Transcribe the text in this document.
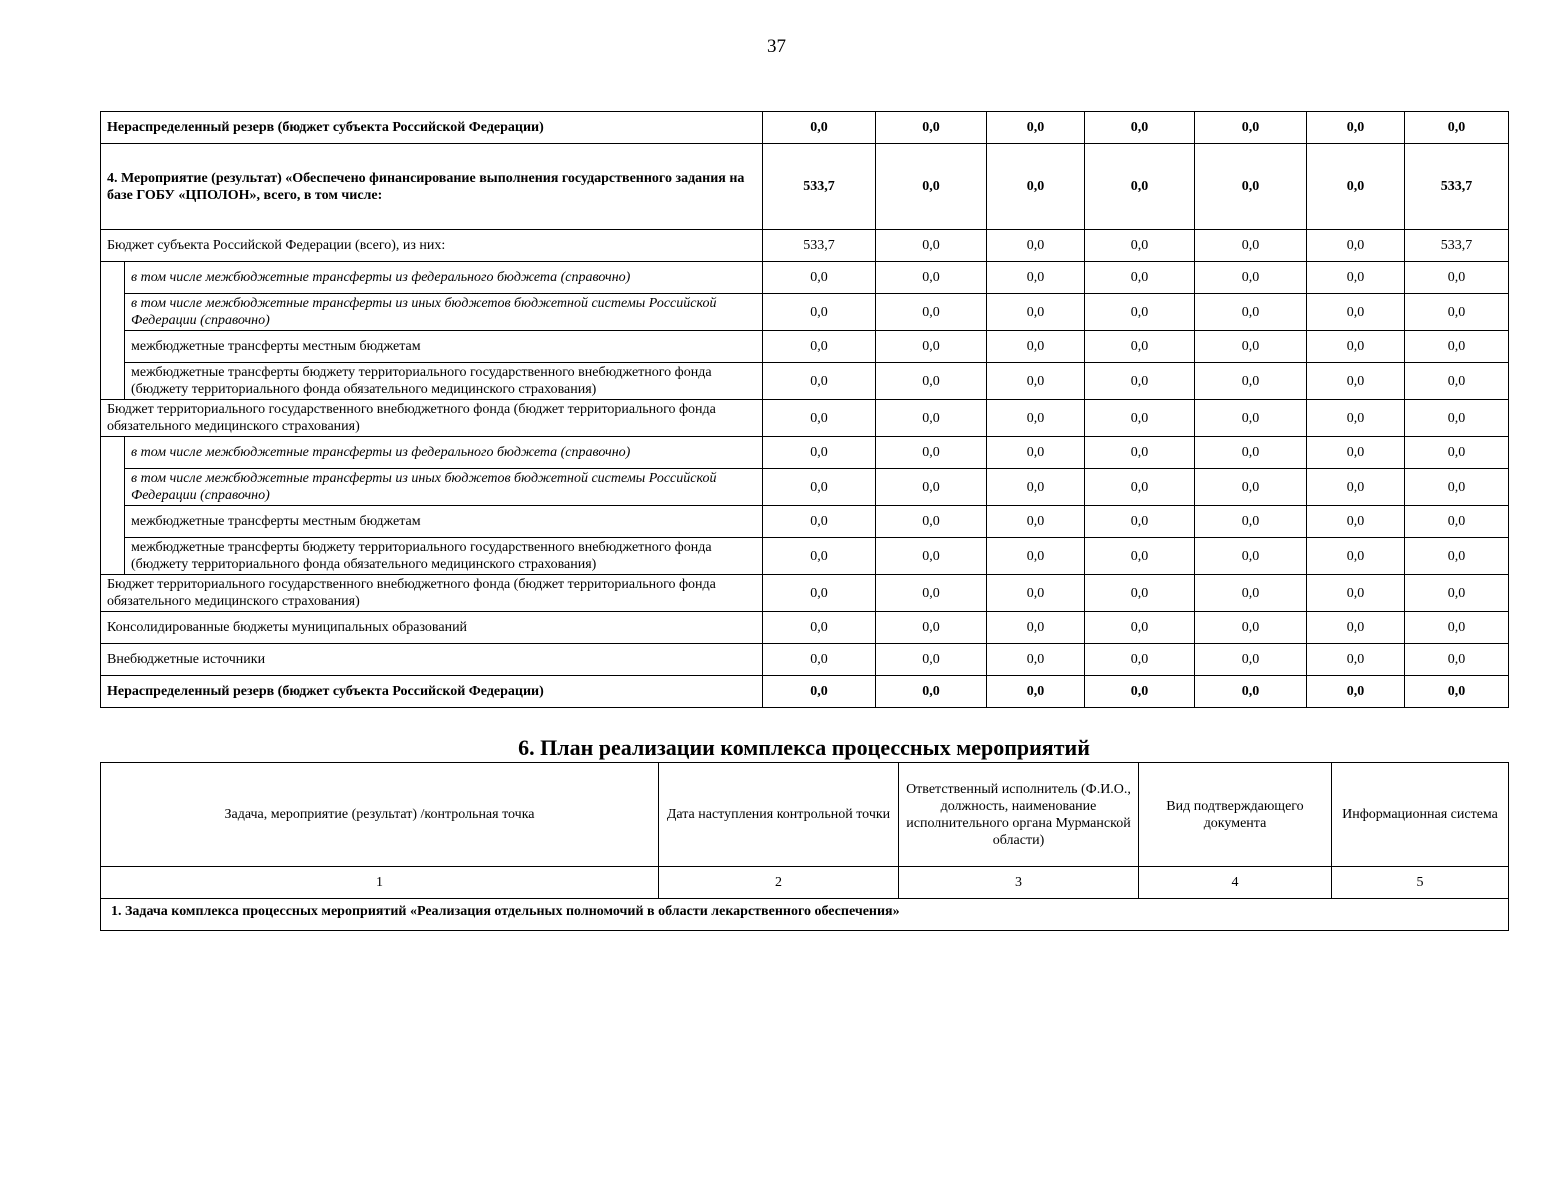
37
Нераспределенный резерв (бюджет субъекта Российской Федерации)		0,0	0,0	0,0	0,0	0,0	0,0	0,0
4. Мероприятие (результат) «Обеспечено финансирование выполнения государственного задания на базе ГОБУ «ЦПОЛОН», всего, в том числе:		533,7	0,0	0,0	0,0	0,0	0,0	533,7
Бюджет субъекта Российской Федерации (всего), из них:		533,7	0,0	0,0	0,0	0,0	0,0	533,7
	в том числе межбюджетные трансферты из федерального бюджета (справочно)	0,0	0,0	0,0	0,0	0,0	0,0	0,0
	в том числе межбюджетные трансферты из иных бюджетов бюджетной системы Российской Федерации (справочно)	0,0	0,0	0,0	0,0	0,0	0,0	0,0
	межбюджетные трансферты местным бюджетам	0,0	0,0	0,0	0,0	0,0	0,0	0,0
	межбюджетные трансферты бюджету территориального государственного внебюджетного фонда (бюджету территориального фонда обязательного медицинского страхования)	0,0	0,0	0,0	0,0	0,0	0,0	0,0
Бюджет территориального государственного внебюджетного фонда (бюджет территориального фонда обязательного медицинского страхования)		0,0	0,0	0,0	0,0	0,0	0,0	0,0
	в том числе межбюджетные трансферты из федерального бюджета (справочно)	0,0	0,0	0,0	0,0	0,0	0,0	0,0
	в том числе межбюджетные трансферты из иных бюджетов бюджетной системы Российской Федерации (справочно)	0,0	0,0	0,0	0,0	0,0	0,0	0,0
	межбюджетные трансферты местным бюджетам	0,0	0,0	0,0	0,0	0,0	0,0	0,0
	межбюджетные трансферты бюджету территориального государственного внебюджетного фонда (бюджету территориального фонда обязательного медицинского страхования)	0,0	0,0	0,0	0,0	0,0	0,0	0,0
Бюджет территориального государственного внебюджетного фонда (бюджет территориального фонда обязательного медицинского страхования)		0,0	0,0	0,0	0,0	0,0	0,0	0,0
Консолидированные бюджеты муниципальных образований		0,0	0,0	0,0	0,0	0,0	0,0	0,0
Внебюджетные источники		0,0	0,0	0,0	0,0	0,0	0,0	0,0
Нераспределенный резерв (бюджет субъекта Российской Федерации)		0,0	0,0	0,0	0,0	0,0	0,0	0,0
6. План реализации комплекса процессных мероприятий
Задача, мероприятие (результат) /контрольная точка	Дата наступления контрольной точки	Ответственный исполнитель (Ф.И.О., должность, наименование исполнительного органа Мурманской области)	Вид подтверждающего документа	Информационная система
1	2	3	4	5
1. Задача комплекса процессных мероприятий «Реализация отдельных полномочий в области лекарственного обеспечения»				
